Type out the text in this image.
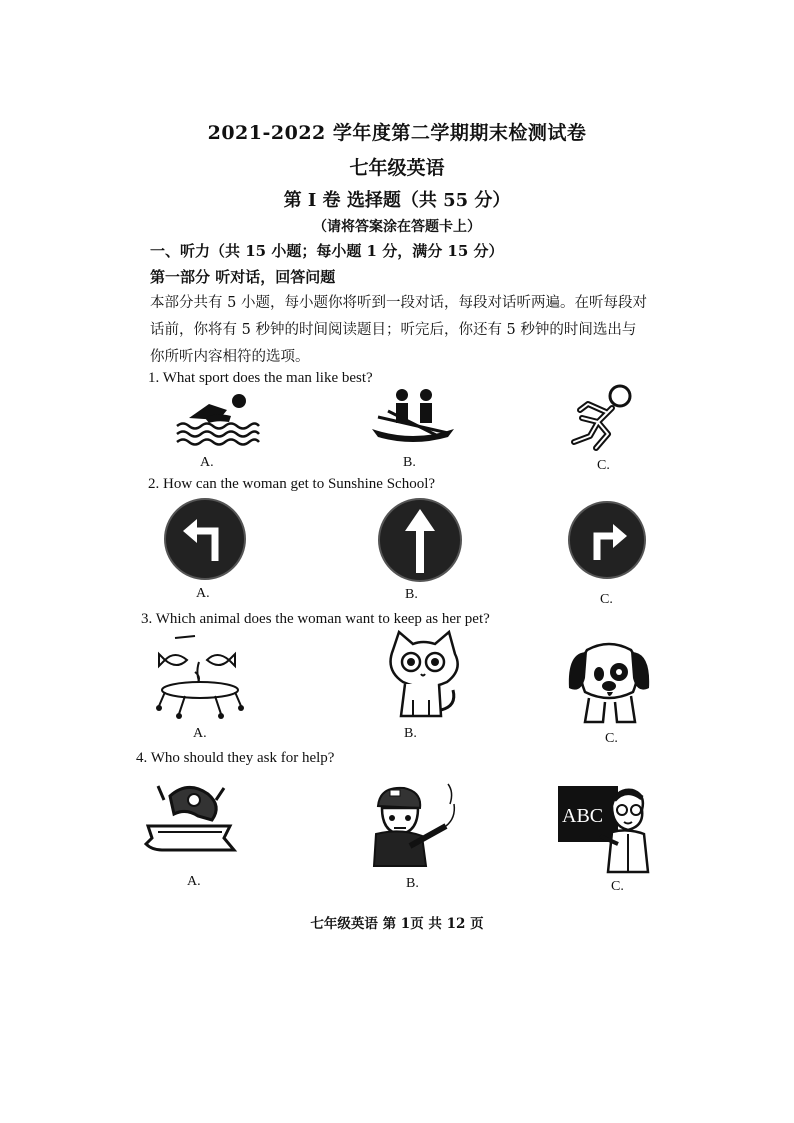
2021-2022 学年度第二学期期末检测试卷
七年级英语
第 I 卷 选择题（共 55 分）
（请将答案涂在答题卡上）
一、听力（共 15 小题；每小题 1 分，满分 15 分）
第一部分 听对话，回答问题
本部分共有 5 小题，每小题你将听到一段对话，每段对话听两遍。在听每段对话前，你将有 5 秒钟的时间阅读题目；听完后，你还有 5 秒钟的时间选出与你所听内容相符的选项。
1. What sport does the man like best?
A.	B.	C.
2. How can the woman get to Sunshine School?
A.	B.	C.
3. Which animal does the woman want to keep as her pet?
A.	B.	C.
4. Who should they ask for help?
ABC
A.	B.	C.
七年级英语 第 1页 共 12 页
